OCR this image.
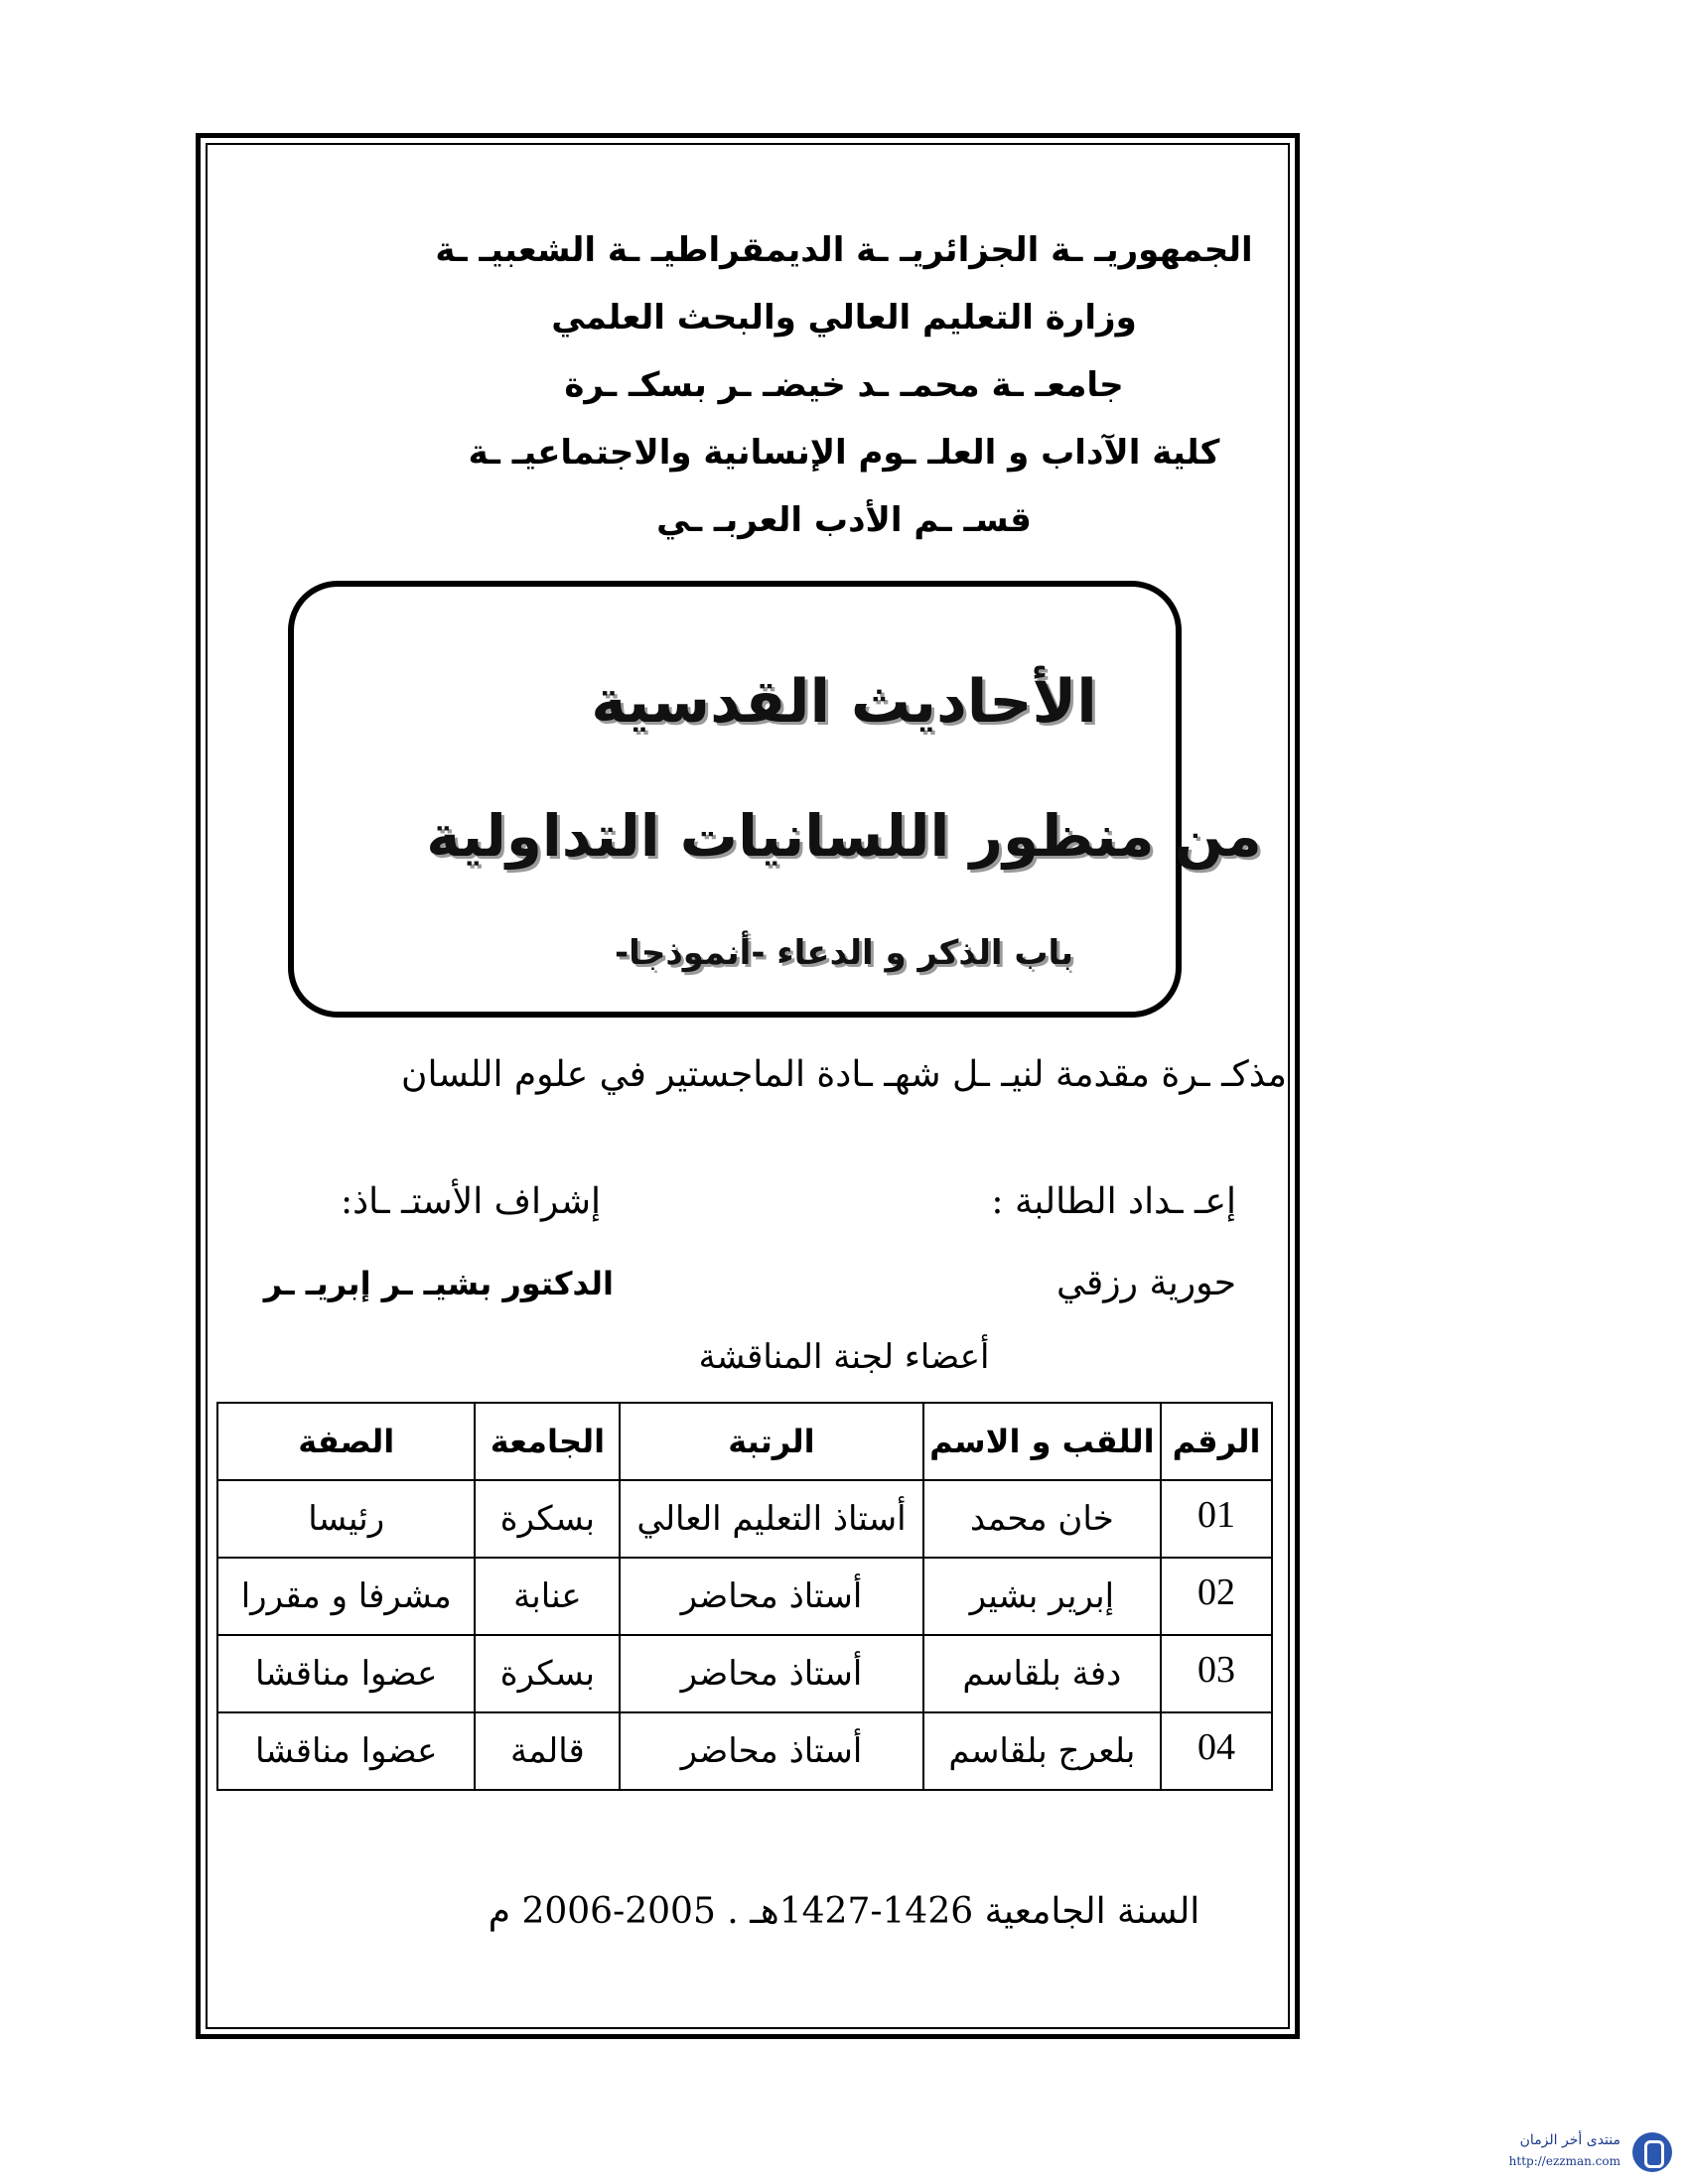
الجمهوريـ ـة الجزائريـ ـة الديمقراطيـ ـة الشعبيـ ـة
وزارة التعليم العالي والبحث العلمي
جامعـ ـة محمـ ـد خيضـ ـر بسكـ ـرة
كلية الآداب و العلـ ـوم الإنسانية والاجتماعيـ ـة
قسـ ـم الأدب العربـ ـي
الأحاديث القدسية
من منظور اللسانيات التداولية
باب الذكر و الدعاء -أنموذجا-
مذكـ ـرة مقدمة لنيـ ـل شهـ ـادة الماجستير في علوم اللسان
إعـ ـداد الطالبة :
إشراف الأستـ ـاذ:
حورية رزقي
الدكتور بشيـ ـر إبريـ ـر
أعضاء لجنة المناقشة
الرقم	اللقب و الاسم	الرتبة	الجامعة	الصفة
01	خان محمد	أستاذ التعليم العالي	بسكرة	رئيسا
02	إبرير بشير	أستاذ محاضر	عنابة	مشرفا و مقررا
03	دفة بلقاسم	أستاذ محاضر	بسكرة	عضوا مناقشا
04	بلعرج بلقاسم	أستاذ محاضر	قالمة	عضوا مناقشا
السنة الجامعية 1426-1427هـ . 2005-2006 م
منتدى أخر الزمان
http://ezzman.com
